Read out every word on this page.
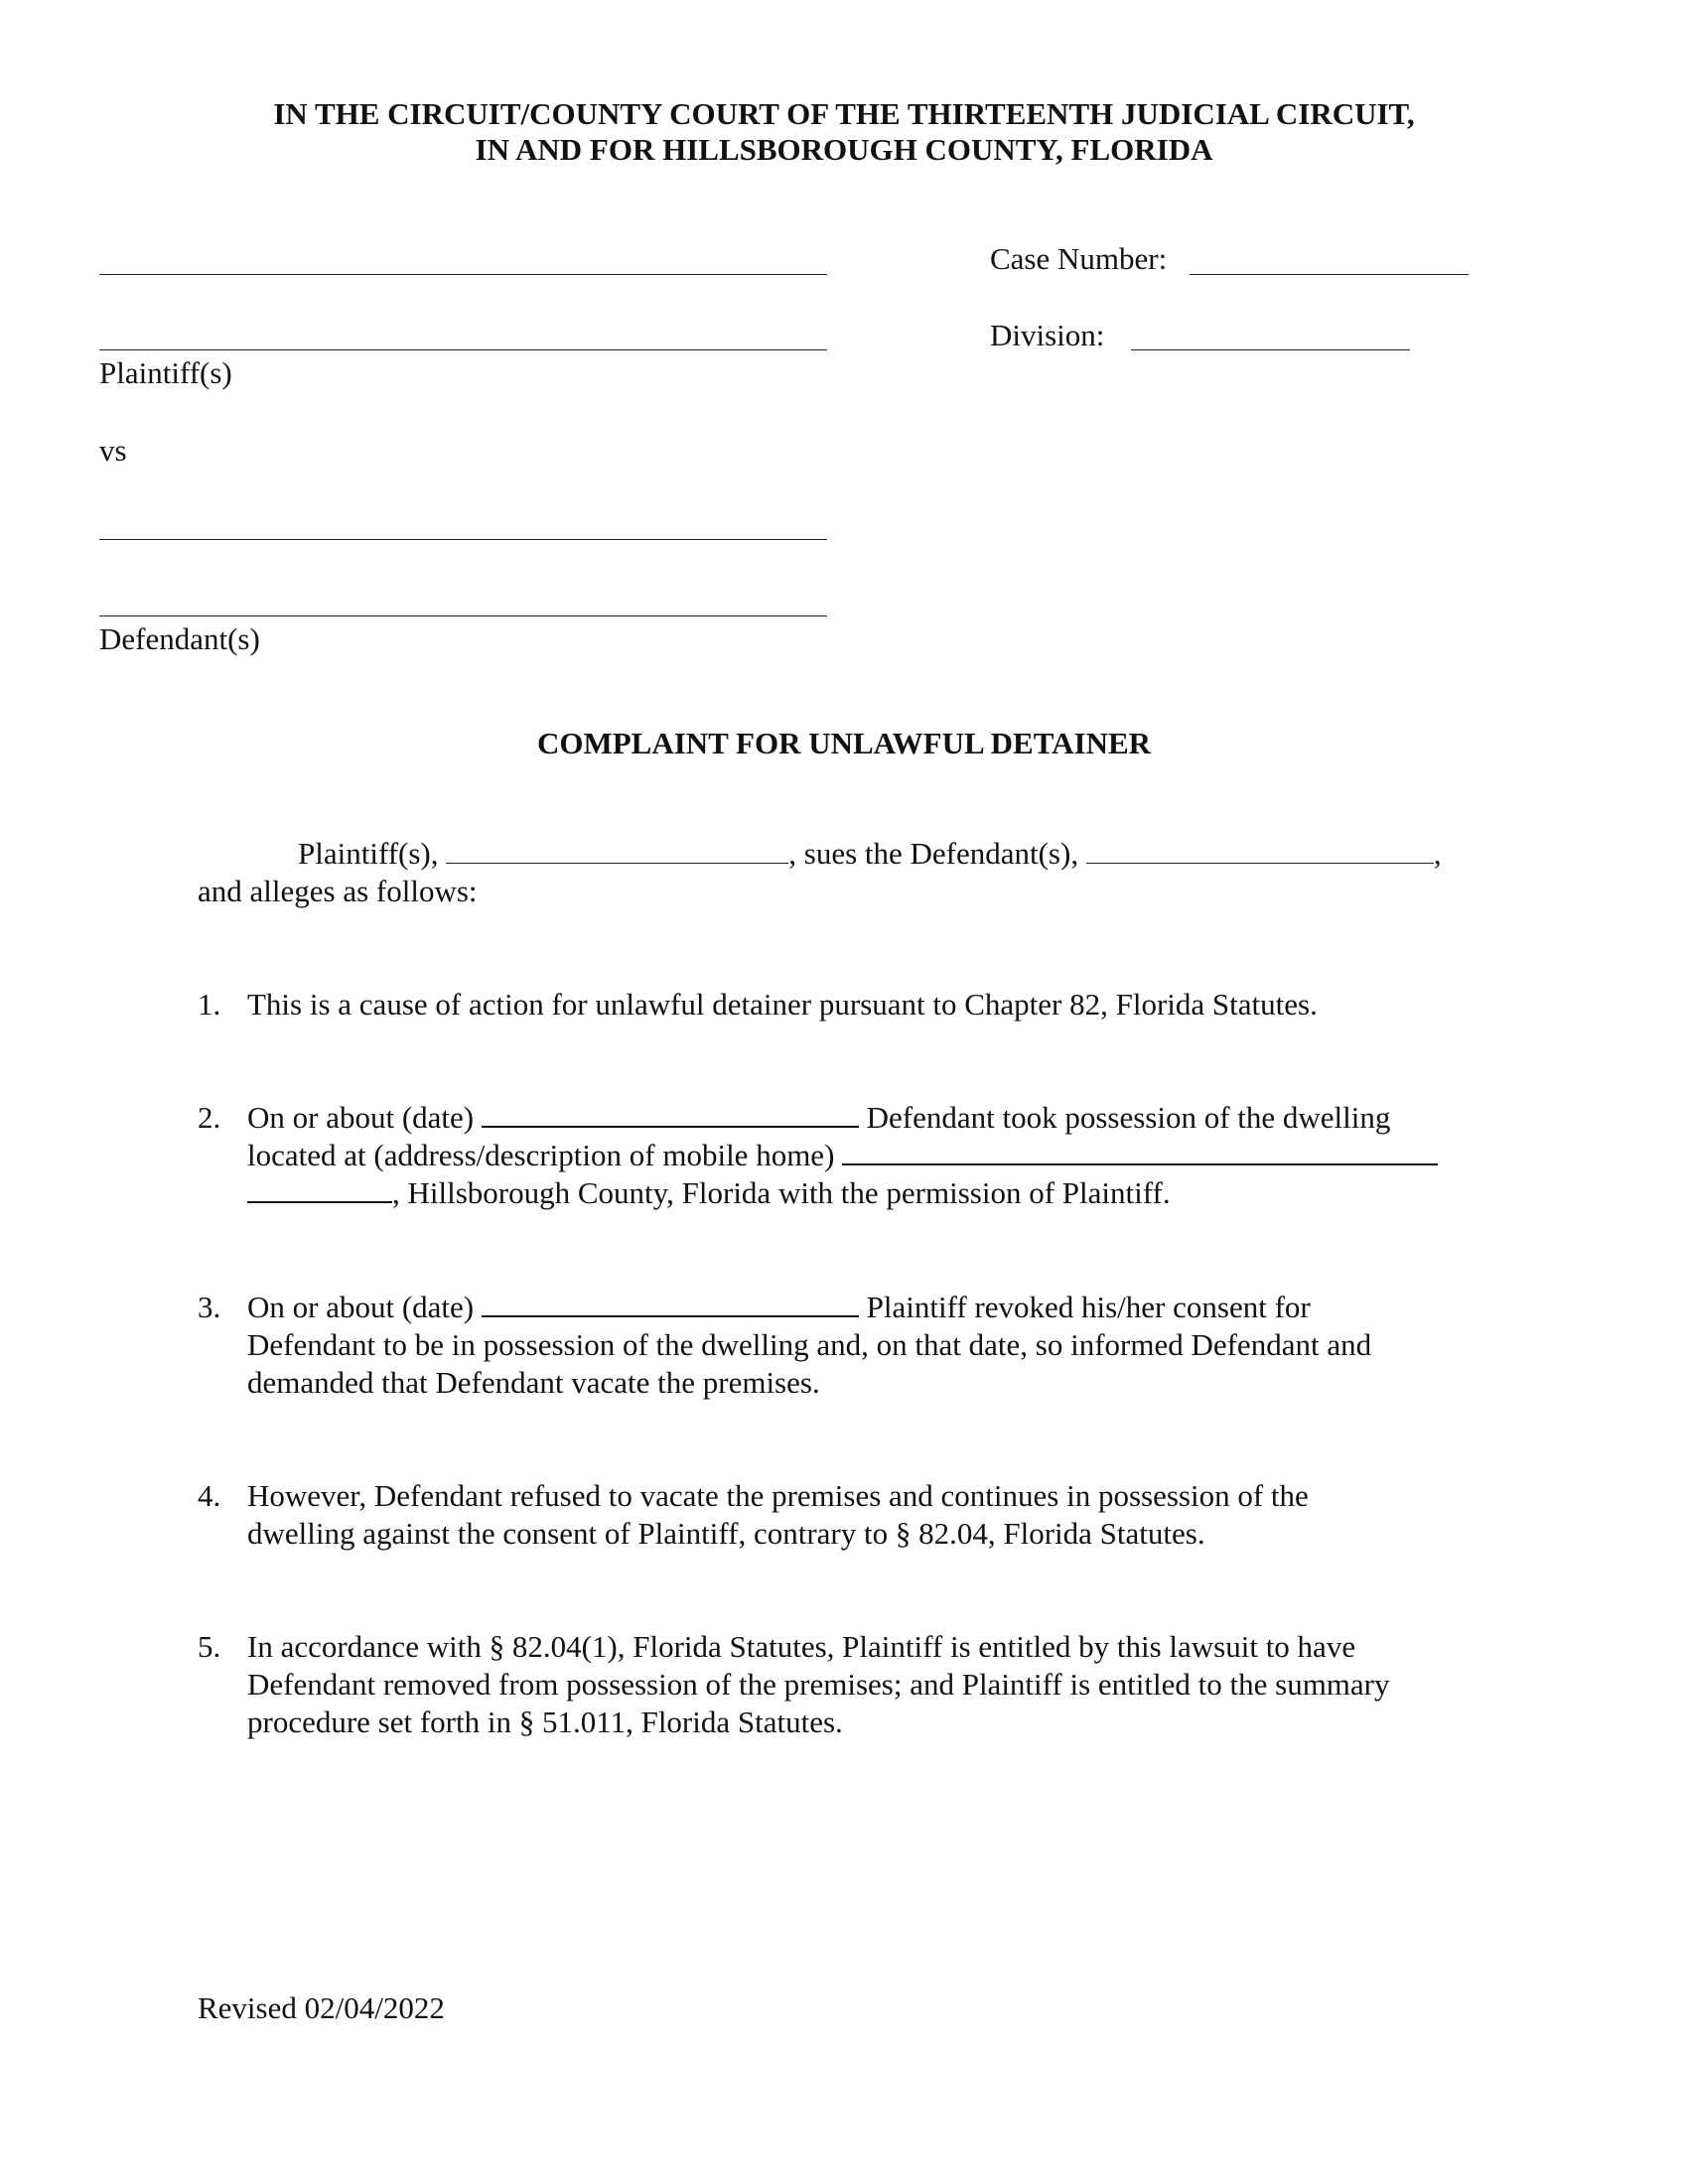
IN THE CIRCUIT/COUNTY COURT OF THE THIRTEENTH JUDICIAL CIRCUIT,
IN AND FOR HILLSBOROUGH COUNTY, FLORIDA
Plaintiff(s)
vs
Defendant(s)
Case Number:
Division:
COMPLAINT FOR UNLAWFUL DETAINER
Plaintiff(s),	, sues the Defendant(s),	,
and alleges as follows:
1. This is a cause of action for unlawful detainer pursuant to Chapter 82, Florida Statutes.
2. On or about (date)	Defendant took possession of the dwelling
located at (address/description of mobile home)
, Hillsborough County, Florida with the permission of Plaintiff.
3. On or about (date)	Plaintiff revoked his/her consent for
Defendant to be in possession of the dwelling and, on that date, so informed Defendant and
demanded that Defendant vacate the premises.
4. However, Defendant refused to vacate the premises and continues in possession of the
dwelling against the consent of Plaintiff, contrary to § 82.04, Florida Statutes.
5. In accordance with § 82.04(1), Florida Statutes, Plaintiff is entitled by this lawsuit to have
Defendant removed from possession of the premises; and Plaintiff is entitled to the summary
procedure set forth in § 51.011, Florida Statutes.
Revised 02/04/2022
